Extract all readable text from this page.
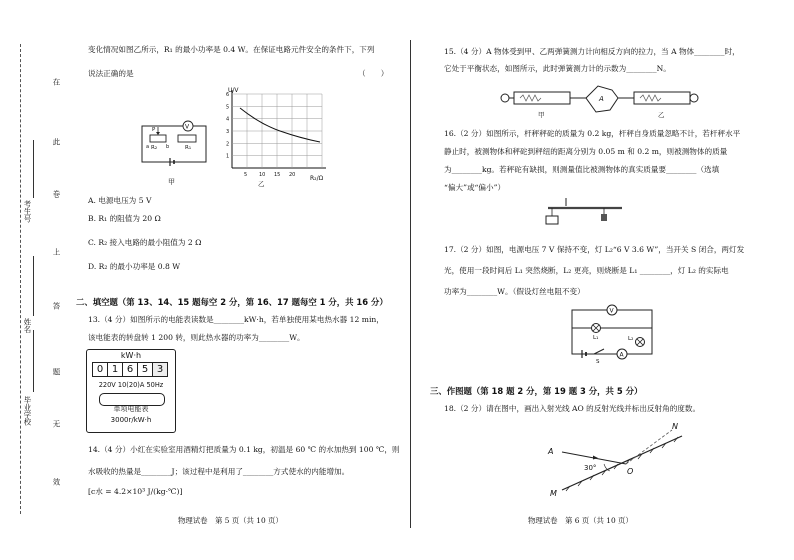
在
此
卷
上
答
题
无
效
考生号
姓名
毕业学校
变化情况如图乙所示，R₁ 的最小功率是 0.4 W。在保证电路元件安全的条件下，下列
说法正确的是	（　　）
P
a	b
R₂	R₁
V
甲
1
2
3
4
5
6
5 10 15 20
U/V
R₂/Ω
乙
A. 电源电压为 5 V
B. R₁ 的阻值为 20 Ω
C. R₂ 接入电路的最小阻值为 2 Ω
D. R₂ 的最小功率是 0.8 W
二、填空题（第 13、14、15 题每空 2 分，第 16、17 题每空 1 分，共 16 分）
13.（4 分）如图所示的电能表读数是________kW·h，若单独使用某电热水器 12 min，
该电能表的转盘转 1 200 转，则此热水器的功率为________W。
kW·h
0 1 6 5 3
220V 10(20)A 50Hz
单项电能表
3000r/kW·h
14.（4 分）小红在实验室用酒精灯把质量为 0.1 kg，初温是 60 ℃ 的水加热到 100 ℃，则
水吸收的热量是________J；该过程中是利用了________方式使水的内能增加。
[c水 = 4.2×10³ J/(kg·℃)]
物理试卷　第 5 页（共 10 页）
15.（4 分）A 物体受到甲、乙两弹簧测力计向相反方向的拉力，当 A 物体________时，
它处于平衡状态，如图所示，此时弹簧测力计的示数为________N。
A
甲	乙
16.（2 分）如图所示，杆秤秤砣的质量为 0.2 kg，杆秤自身质量忽略不计，若杆秤水平
静止时，被测物体和秤砣到秤纽的距离分别为 0.05 m 和 0.2 m，则被测物体的质量
为________kg。若秤砣有缺损，则测量值比被测物体的真实质量要________（选填
“偏大”或“偏小”）
17.（2 分）如图，电源电压 7 V 保持不变，灯 L₂“6 V 3.6 W”，当开关 S 闭合，两灯发
光，使用一段时间后 L₁ 突然烧断，L₂ 更亮，则烧断是 L₁ ________，灯 L₂ 的实际电
功率为________W。（假设灯丝电阻不变）
V
A
L₁	L₂
S
三、作图题（第 18 题 2 分，第 19 题 3 分，共 5 分）
18.（2 分）请在图中，画出入射光线 AO 的反射光线并标出反射角的度数。
A
N
M
O
30°
物理试卷　第 6 页（共 10 页）
